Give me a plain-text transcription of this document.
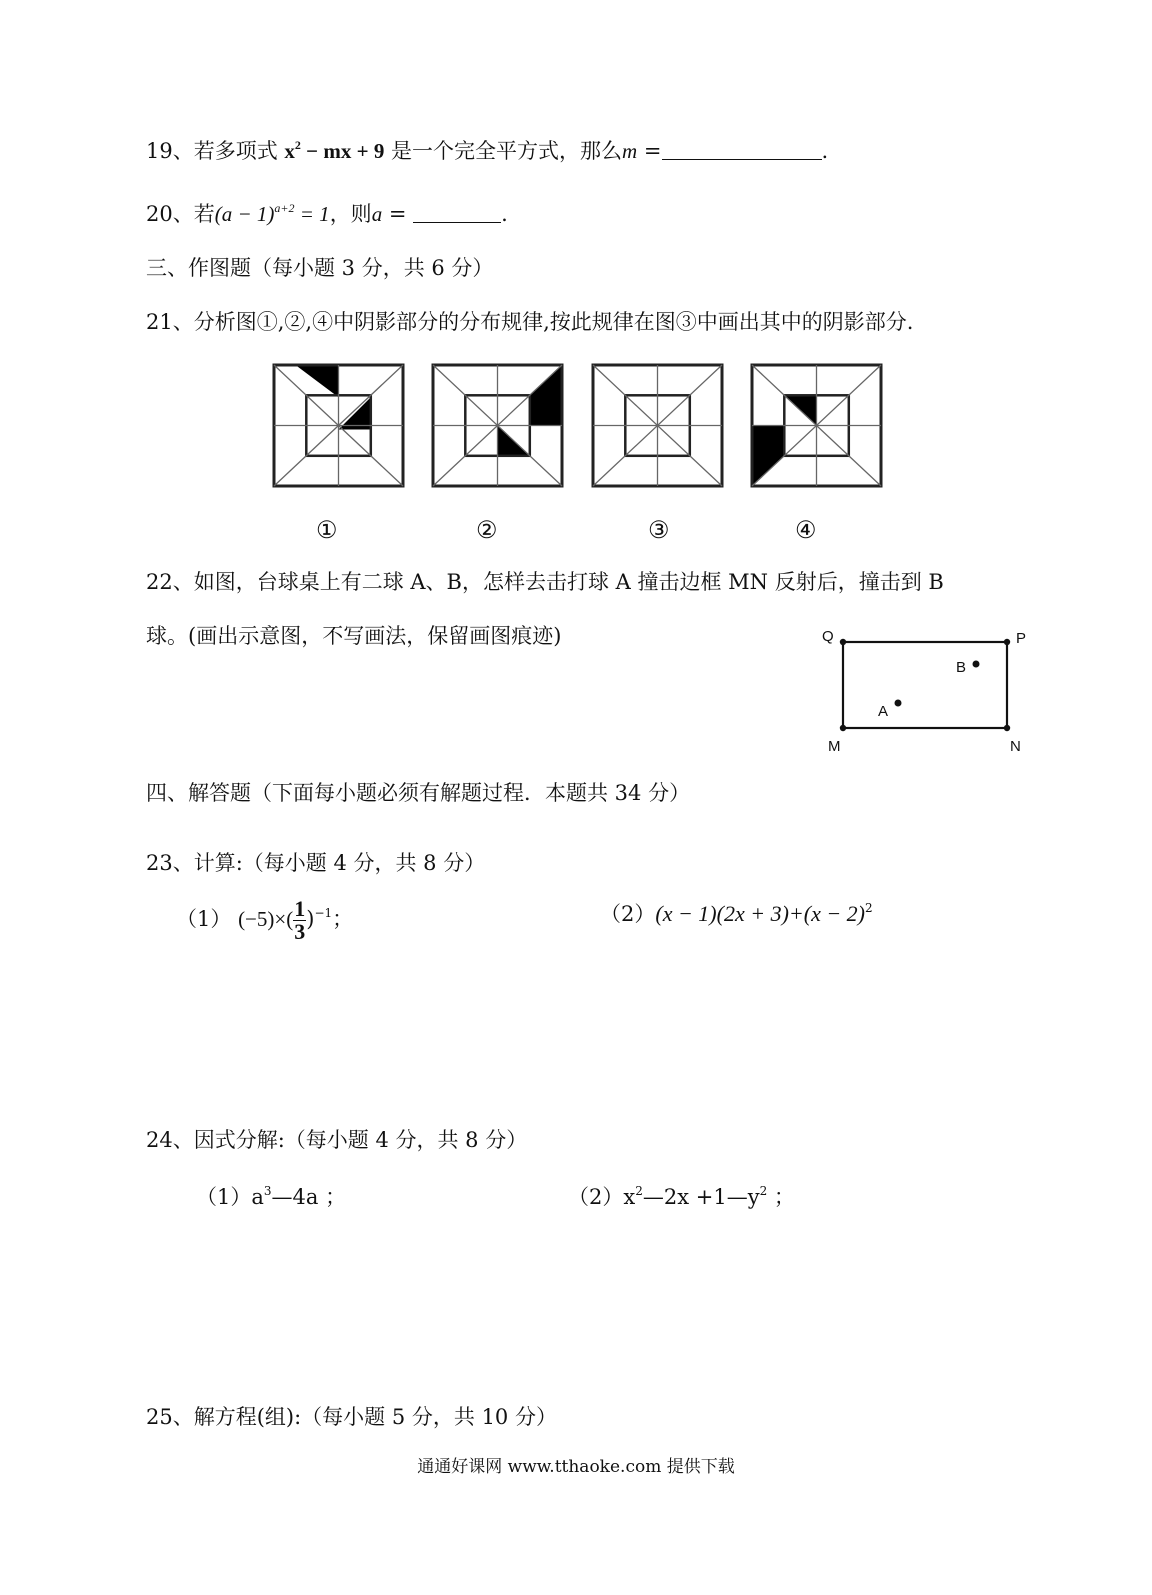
19、若多项式 $x^2$ − mx + 9 是一个完全平方式，那么m =	.
20、若$(a - 1)^{a+2} = 1$，则a =	.
三、作图题（每小题 3 分，共 6 分）
21、分析图①,②,④中阴影部分的分布规律,按此规律在图③中画出其中的阴影部分.
①	②	③	④
22、如图，台球桌上有二球 A、B，怎样去击打球 A 撞击边框 MN 反射后，撞击到 B
球。(画出示意图，不写画法，保留画图痕迹)	Q	P
M	N
B
A
四、解答题（下面每小题必须有解题过程．本题共 34 分）
23、计算:（每小题 4 分，共 8 分）
（1） $(-5)\times( \frac{1}{3} )^{-1}$；	$(2)(x - 1)(2x + 3)+(x - 2)^2$
24、因式分解:（每小题 4 分，共 8 分）
$(1)a^3—4a$ ；	$(2)x^2—2x$ $+1—y^2$ ；
25、解方程(组):（每小题 5 分，共 10 分）
通通好课网 www.tthaoke.com 提供下载
